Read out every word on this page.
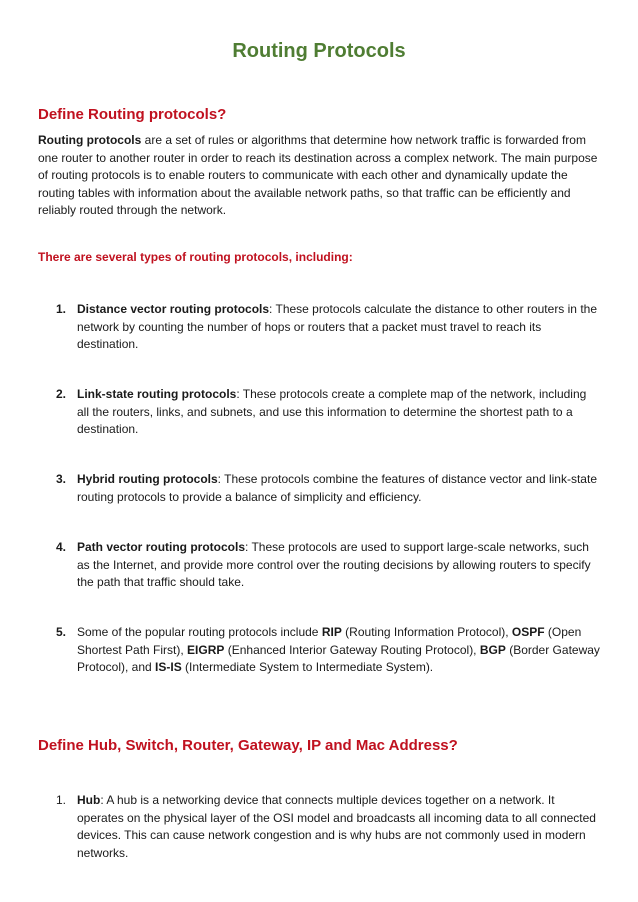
Routing Protocols
Define Routing protocols?

Routing protocols are a set of rules or algorithms that determine how network traffic is forwarded from one router to another router in order to reach its destination across a complex network. The main purpose of routing protocols is to enable routers to communicate with each other and dynamically update the routing tables with information about the available network paths, so that traffic can be efficiently and reliably routed through the network.

There are several types of routing protocols, including:

1. Distance vector routing protocols: These protocols calculate the distance to other routers in the network by counting the number of hops or routers that a packet must travel to reach its destination.
2. Link-state routing protocols: These protocols create a complete map of the network, including all the routers, links, and subnets, and use this information to determine the shortest path to a destination.
3. Hybrid routing protocols: These protocols combine the features of distance vector and link-state routing protocols to provide a balance of simplicity and efficiency.
4. Path vector routing protocols: These protocols are used to support large-scale networks, such as the Internet, and provide more control over the routing decisions by allowing routers to specify the path that traffic should take.
5. Some of the popular routing protocols include RIP (Routing Information Protocol), OSPF (Open Shortest Path First), EIGRP (Enhanced Interior Gateway Routing Protocol), BGP (Border Gateway Protocol), and IS-IS (Intermediate System to Intermediate System).
Define Hub, Switch, Router, Gateway, IP and Mac Address?
1. Hub: A hub is a networking device that connects multiple devices together on a network. It operates on the physical layer of the OSI model and broadcasts all incoming data to all connected devices. This can cause network congestion and is why hubs are not commonly used in modern networks.
